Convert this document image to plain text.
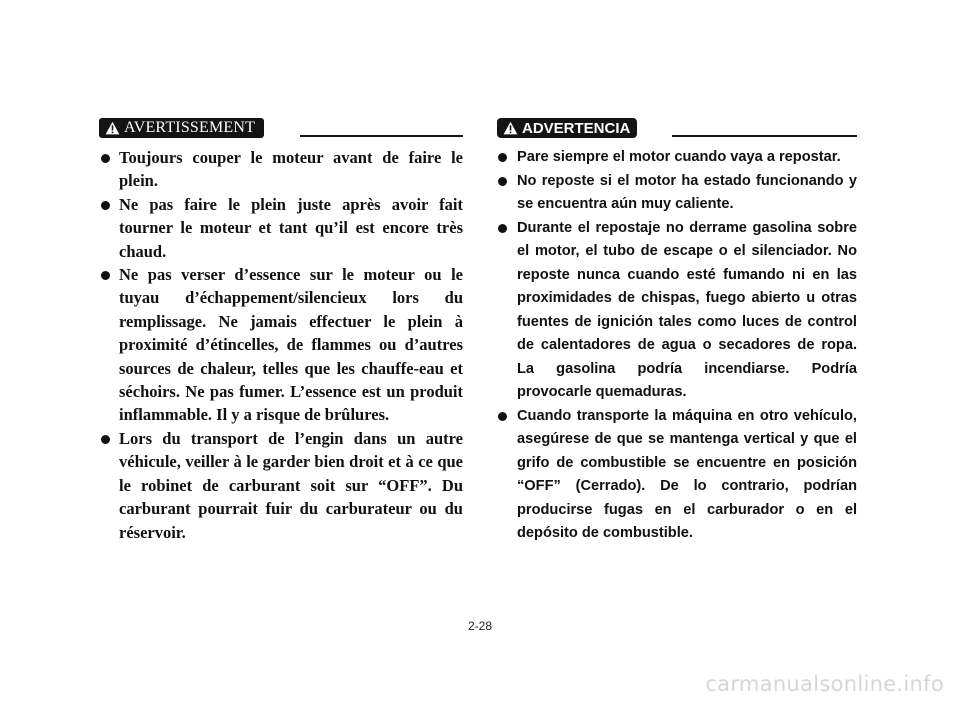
AVERTISSEMENT
Toujours couper le moteur avant de faire le plein.
Ne pas faire le plein juste après avoir fait tourner le moteur et tant qu’il est encore très chaud.
Ne pas verser d’essence sur le moteur ou le tuyau d’échappement/silencieux lors du remplissage. Ne jamais effectuer le plein à proximité d’étincelles, de flammes ou d’autres sources de chaleur, telles que les chauffe-eau et séchoirs. Ne pas fumer. L’essence est un produit inflammable. Il y a risque de brûlures.
Lors du transport de l’engin dans un autre véhicule, veiller à le garder bien droit et à ce que le robinet de carburant soit sur “OFF”. Du carburant pourrait fuir du carburateur ou du réservoir.
ADVERTENCIA
Pare siempre el motor cuando vaya a repostar.
No reposte si el motor ha estado funcionando y se encuentra aún muy caliente.
Durante el repostaje no derrame gasolina sobre el motor, el tubo de escape o el silenciador. No reposte nunca cuando esté fumando ni en las proximidades de chispas, fuego abierto u otras fuentes de ignición tales como luces de control de calentadores de agua o secadores de ropa. La gasolina podría incendiarse. Podría provocarle quemaduras.
Cuando transporte la máquina en otro vehículo, asegúrese de que se mantenga vertical y que el grifo de combustible se encuentre en posición “OFF” (Cerrado). De lo contrario, podrían producirse fugas en el carburador o en el depósito de combustible.
2-28
carmanualsonline.info
